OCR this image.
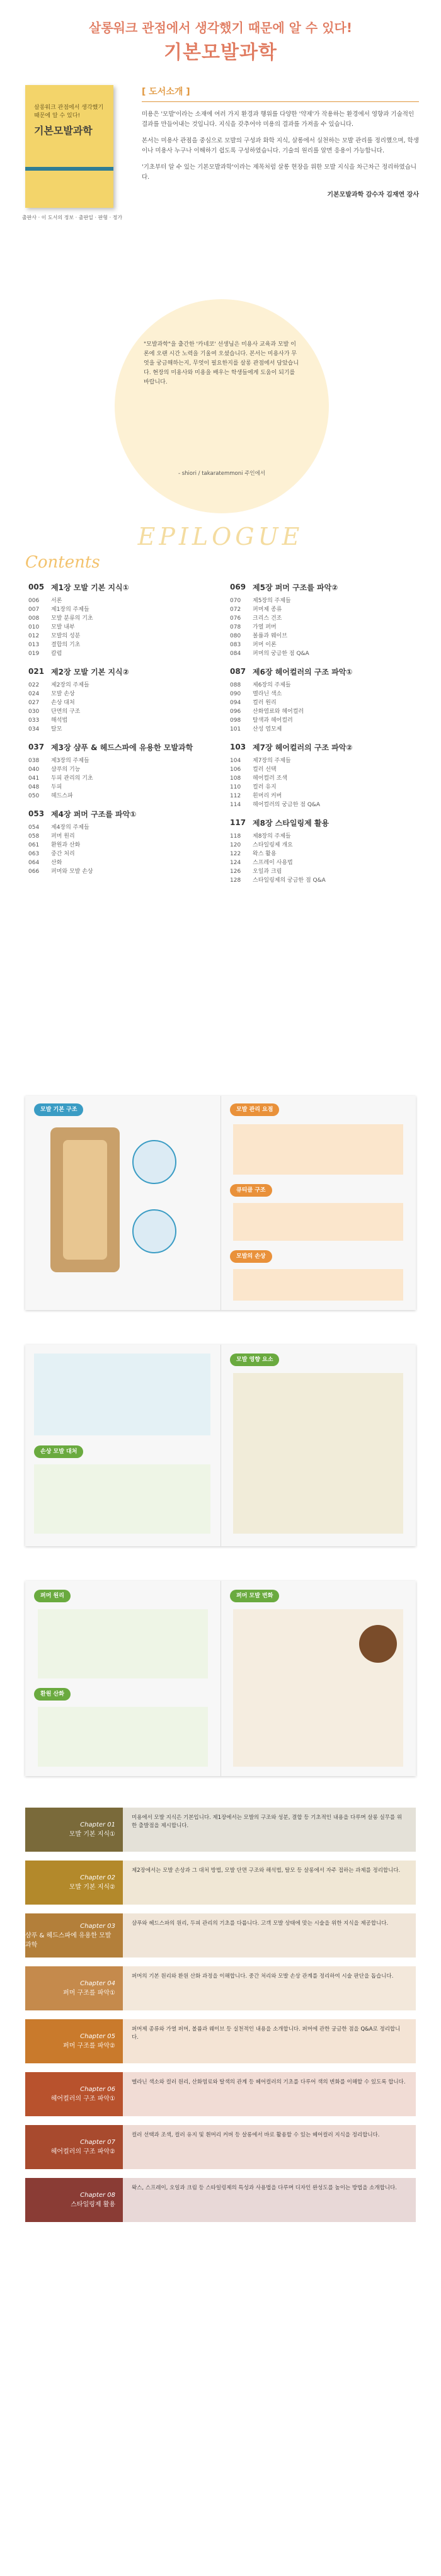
살롱워크 관점에서 생각했기 때문에 알 수 있다!
기본모발과학
살롱워크 관점에서 생각했기 때문에 알 수 있다!
기본모발과학
출판사 · 이 도서의 정보 · 출판일 · 판형 · 정가
[ 도서소개 ]

미용은 '모발'이라는 소재에 여러 가지 환경과 행위를 다양한 '약제'가 작용하는 환경에서 영향과 기술적인 결과를 만들어내는 것입니다. 지식을 갖추어야 미용의 결과를 가져올 수 있습니다.

본서는 미용사 관점을 중심으로 모발의 구성과 화학 지식, 살롱에서 실천하는 모발 관리를 정리했으며, 학생이나 미용사 누구나 이해하기 쉽도록 구성하였습니다. 기술의 원리를 알면 응용이 가능합니다.

'기초부터 알 수 있는 기본모발과학'이라는 제목처럼 살롱 현장을 위한 모발 지식을 차근차근 정리하였습니다.

기본모발과학 감수자 김재연 강사
"모발과학"을 출간한 '카네코' 선생님은 미용사 교육과 모발 이론에 오랜 시간 노력을 기울여 오셨습니다. 본서는 미용사가 무엇을 궁금해하는지, 무엇이 필요한지를 살롱 관점에서 담았습니다. 현장의 미용사와 미용을 배우는 학생들에게 도움이 되기를 바랍니다.
- shiori / takaratemmoni 주인에서
EPILOGUE
Contents
005 제1장 모발 기본 지식①
006	서론
007	제1장의 주제들
008	모발 분류의 기초
010	모발 내부
012	모발의 성분
013	결합의 기초
019	칼럼
021 제2장 모발 기본 지식②
022	제2장의 주제들
024	모발 손상
027	손상 대처
030	단면의 구조
033	해석법
034	탈모
037 제3장 샴푸 & 헤드스파에 유용한 모발과학
038	제3장의 주제들
040	샴푸의 기능
041	두피 관리의 기초
048	두피
050	헤드스파
053 제4장 퍼머 구조를 파악①
054	제4장의 주제들
058	퍼머 원리
061	환원과 산화
063	중간 처리
064	산화
066	퍼머와 모발 손상
069 제5장 퍼머 구조를 파악②
070	제5장의 주제들
072	퍼머제 종류
076	크리스 건조
078	가열 퍼머
080	볼륨과 웨이브
083	퍼머 이론
084	퍼머의 궁금한 점 Q&A
087 제6장 헤어컬러의 구조 파악①
088	제6장의 주제들
090	멜라닌 색소
094	컬러 원리
096	산화염료와 헤어컬러
098	탈색과 헤어컬러
101	산성 염모제
103 제7장 헤어컬러의 구조 파악②
104	제7장의 주제들
106	컬러 선택
108	헤어컬러 조색
110	컬러 유지
112	흰머리 커버
114	헤어컬러의 궁금한 점 Q&A
117 제8장 스타일링제 활용
118	제8장의 주제들
120	스타일링제 개요
122	왁스 활용
124	스프레이 사용법
126	오일과 크림
128	스타일링제의 궁금한 점 Q&A
모발 기본 구조	모발 관리 요점
큐티클 구조
모발의 손상
손상 모발 대처
모발 영향 요소
퍼머 원리
환원 산화
퍼머 모발 변화
Chapter 01
모발 기본 지식①
미용에서 모발 지식은 기본입니다. 제1장에서는 모발의 구조와 성분, 결합 등 기초적인 내용을 다루며 살롱 실무를 위한 출발점을 제시합니다.
Chapter 02
모발 기본 지식②
제2장에서는 모발 손상과 그 대처 방법, 모발 단면 구조와 해석법, 탈모 등 살롱에서 자주 접하는 과제를 정리합니다.
Chapter 03
샴푸 & 헤드스파에 유용한 모발과학
샴푸와 헤드스파의 원리, 두피 관리의 기초를 다룹니다. 고객 모발 상태에 맞는 시술을 위한 지식을 제공합니다.
Chapter 04
퍼머 구조를 파악①
퍼머의 기본 원리와 환원 산화 과정을 이해합니다. 중간 처리와 모발 손상 관계를 정리하여 시술 판단을 돕습니다.
Chapter 05
퍼머 구조를 파악②
퍼머제 종류와 가열 퍼머, 볼륨과 웨이브 등 실천적인 내용을 소개합니다. 퍼머에 관한 궁금한 점을 Q&A로 정리합니다.
Chapter 06
헤어컬러의 구조 파악①
멜라닌 색소와 컬러 원리, 산화염료와 탈색의 관계 등 헤어컬러의 기초를 다루어 색의 변화를 이해할 수 있도록 합니다.
Chapter 07
헤어컬러의 구조 파악②
컬러 선택과 조색, 컬러 유지 및 흰머리 커버 등 살롱에서 바로 활용할 수 있는 헤어컬러 지식을 정리합니다.
Chapter 08
스타일링제 활용
왁스, 스프레이, 오일과 크림 등 스타일링제의 특성과 사용법을 다루며 디자인 완성도를 높이는 방법을 소개합니다.
